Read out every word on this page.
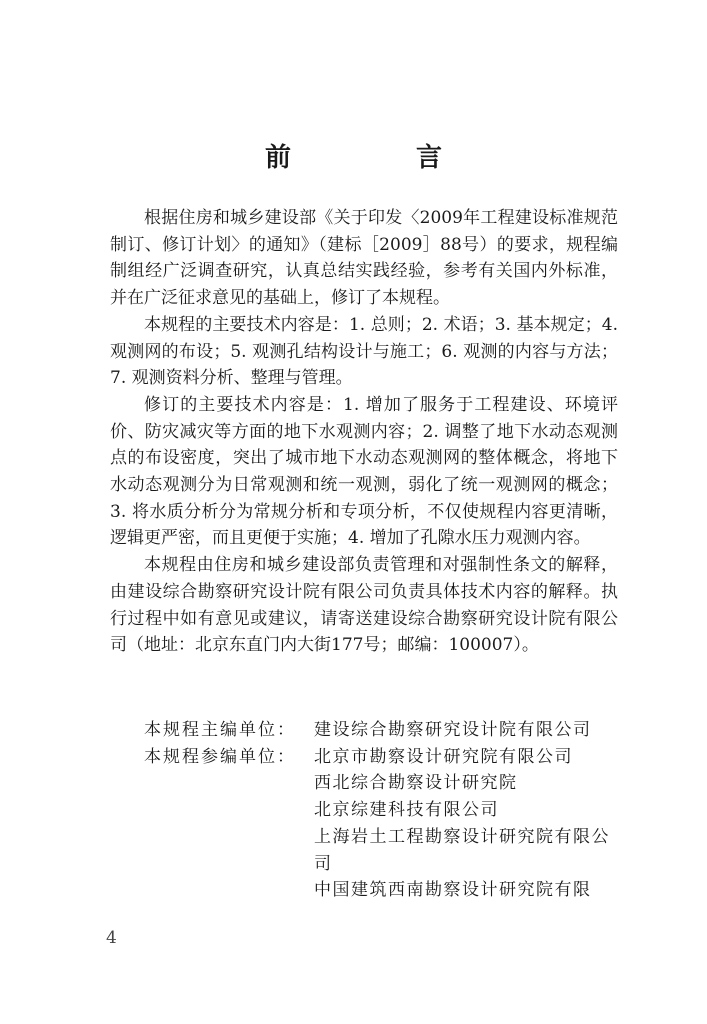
前 言

根据住房和城乡建设部《关于印发〈2009年工程建设标准规范制订、修订计划〉的通知》（建标［2009］88号）的要求，规程编制组经广泛调查研究，认真总结实践经验，参考有关国内外标准，并在广泛征求意见的基础上，修订了本规程。

本规程的主要技术内容是：1. 总则；2. 术语；3. 基本规定；4. 观测网的布设；5. 观测孔结构设计与施工；6. 观测的内容与方法；7. 观测资料分析、整理与管理。

修订的主要技术内容是：1. 增加了服务于工程建设、环境评价、防灾减灾等方面的地下水观测内容；2. 调整了地下水动态观测点的布设密度，突出了城市地下水动态观测网的整体概念，将地下水动态观测分为日常观测和统一观测，弱化了统一观测网的概念；3. 将水质分析分为常规分析和专项分析，不仅使规程内容更清晰，逻辑更严密，而且更便于实施；4. 增加了孔隙水压力观测内容。

本规程由住房和城乡建设部负责管理和对强制性条文的解释，由建设综合勘察研究设计院有限公司负责具体技术内容的解释。执行过程中如有意见或建议，请寄送建设综合勘察研究设计院有限公司（地址：北京东直门内大街177号；邮编：100007）。

本规程主编单位：	建设综合勘察研究设计院有限公司
本规程参编单位：	北京市勘察设计研究院有限公司
西北综合勘察设计研究院
北京综建科技有限公司
上海岩土工程勘察设计研究院有限公司
中国建筑西南勘察设计研究院有限
4
